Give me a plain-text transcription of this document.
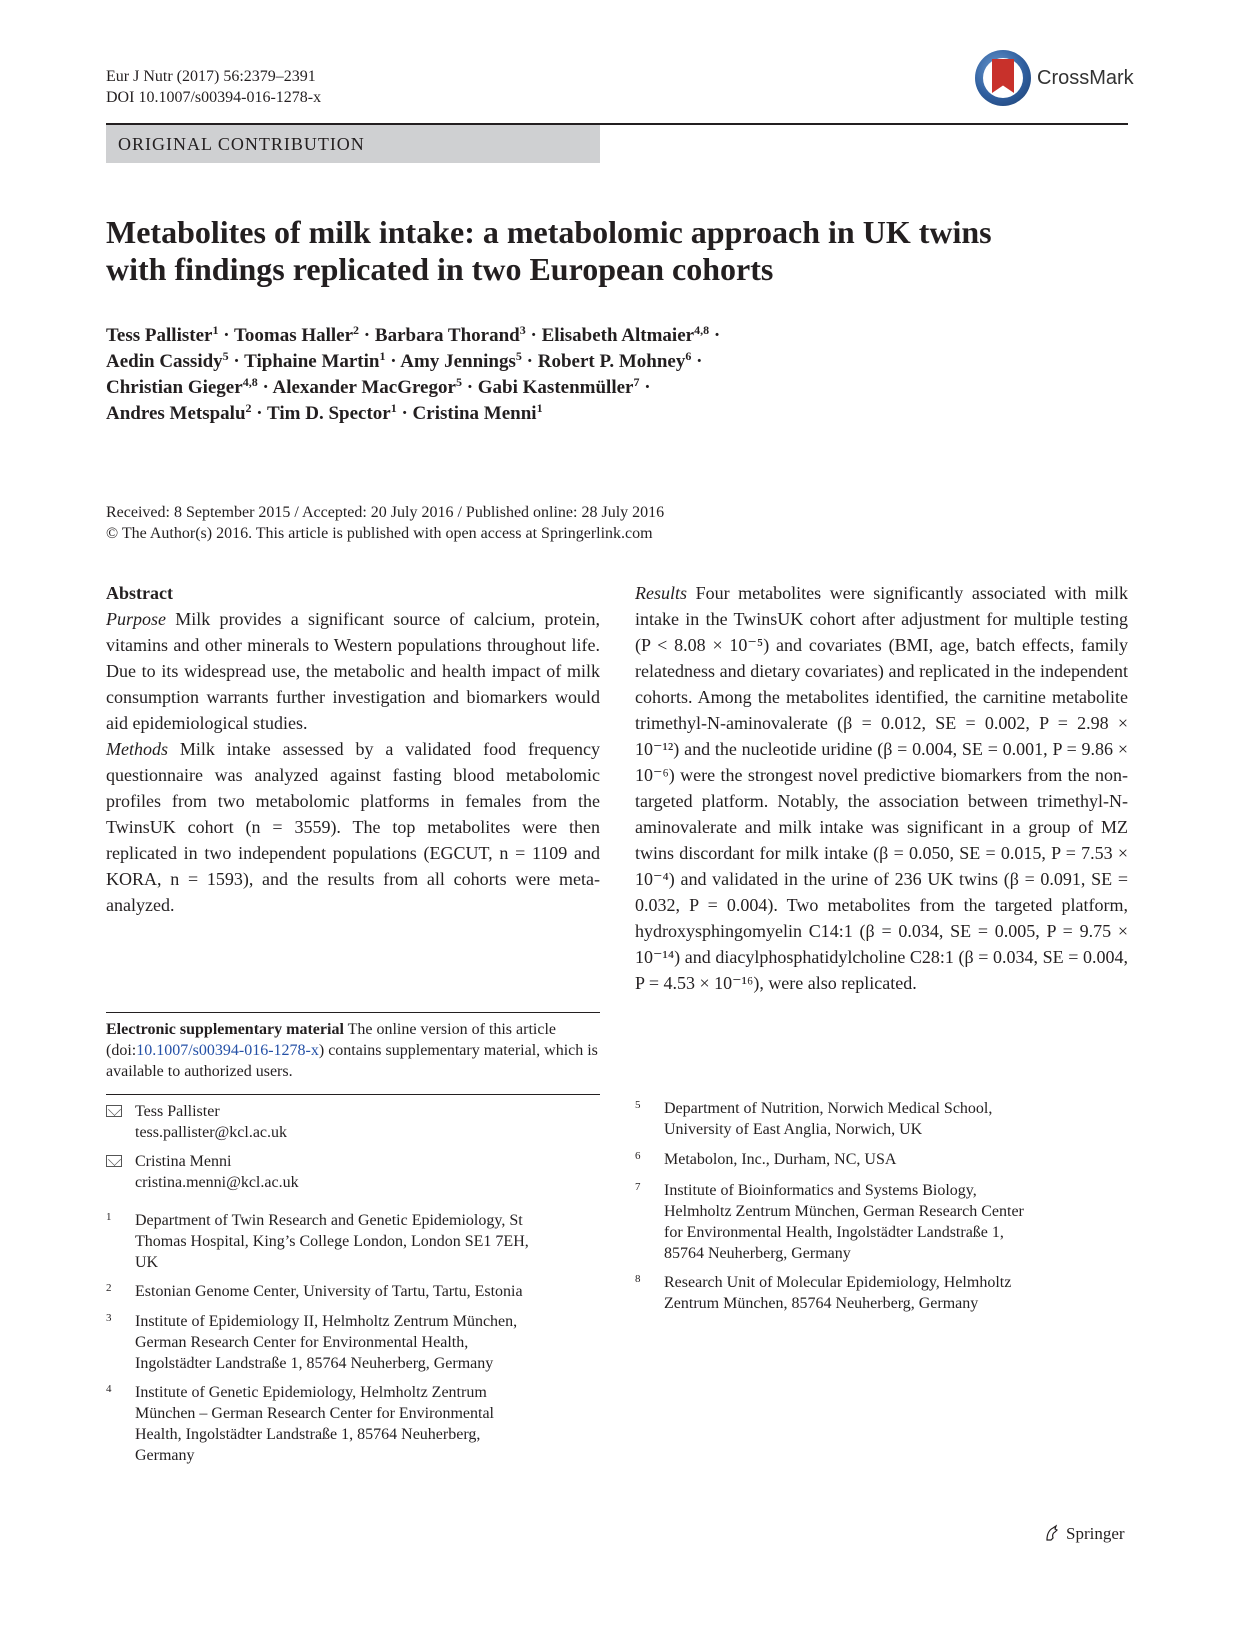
Eur J Nutr (2017) 56:2379–2391
DOI 10.1007/s00394-016-1278-x
CrossMark
ORIGINAL CONTRIBUTION
Metabolites of milk intake: a metabolomic approach in UK twins
with findings replicated in two European cohorts
Tess Pallister$^1$ · Toomas Haller$^2$ · Barbara Thorand$^3$ · Elisabeth Altmaier$^{4,8}$ ·
Aedin Cassidy$^5$ · Tiphaine Martin$^1$ · Amy Jennings$^5$ · Robert P. Mohney$^6$ ·
Christian Gieger$^{4,8}$ · Alexander MacGregor$^5$ · Gabi Kastenmüller$^7$ ·
Andres Metspalu$^2$ · Tim D. Spector$^1$ · Cristina Menni$^1$
Received: 8 September 2015 / Accepted: 20 July 2016 / Published online: 28 July 2016
© The Author(s) 2016. This article is published with open access at Springerlink.com
Abstract
Purpose Milk provides a significant source of calcium, protein, vitamins and other minerals to Western populations throughout life. Due to its widespread use, the metabolic and health impact of milk consumption warrants further investigation and biomarkers would aid epidemiological studies.
Methods Milk intake assessed by a validated food frequency questionnaire was analyzed against fasting blood metabolomic profiles from two metabolomic platforms in females from the TwinsUK cohort (n = 3559). The top metabolites were then replicated in two independent populations (EGCUT, n = 1109 and KORA, n = 1593), and the results from all cohorts were meta-analyzed.
Results Four metabolites were significantly associated with milk intake in the TwinsUK cohort after adjustment for multiple testing (P < 8.08 × 10⁻⁵) and covariates (BMI, age, batch effects, family relatedness and dietary covariates) and replicated in the independent cohorts. Among the metabolites identified, the carnitine metabolite trimethyl-N-aminovalerate (β = 0.012, SE = 0.002, P = 2.98 × 10⁻¹²) and the nucleotide uridine (β = 0.004, SE = 0.001, P = 9.86 × 10⁻⁶) were the strongest novel predictive biomarkers from the non-targeted platform. Notably, the association between trimethyl-N-aminovalerate and milk intake was significant in a group of MZ twins discordant for milk intake (β = 0.050, SE = 0.015, P = 7.53 × 10⁻⁴) and validated in the urine of 236 UK twins (β = 0.091, SE = 0.032, P = 0.004). Two metabolites from the targeted platform, hydroxysphingomyelin C14:1 (β = 0.034, SE = 0.005, P = 9.75 × 10⁻¹⁴) and diacylphosphatidylcholine C28:1 (β = 0.034, SE = 0.004, P = 4.53 × 10⁻¹⁶), were also replicated.
Electronic supplementary material The online version of this article (doi:10.1007/s00394-016-1278-x) contains supplementary material, which is available to authorized users.
Tess Pallister
tess.pallister@kcl.ac.uk
Cristina Menni
cristina.menni@kcl.ac.uk
1 Department of Twin Research and Genetic Epidemiology, St
Thomas Hospital, King’s College London, London SE1 7EH,
UK
2 Estonian Genome Center, University of Tartu, Tartu, Estonia
3 Institute of Epidemiology II, Helmholtz Zentrum München,
German Research Center for Environmental Health,
Ingolstädter Landstraße 1, 85764 Neuherberg, Germany
4 Institute of Genetic Epidemiology, Helmholtz Zentrum
München – German Research Center for Environmental
Health, Ingolstädter Landstraße 1, 85764 Neuherberg,
Germany
5 Department of Nutrition, Norwich Medical School,
University of East Anglia, Norwich, UK
6 Metabolon, Inc., Durham, NC, USA
7 Institute of Bioinformatics and Systems Biology,
Helmholtz Zentrum München, German Research Center
for Environmental Health, Ingolstädter Landstraße 1,
85764 Neuherberg, Germany
8 Research Unit of Molecular Epidemiology, Helmholtz
Zentrum München, 85764 Neuherberg, Germany
Springer
